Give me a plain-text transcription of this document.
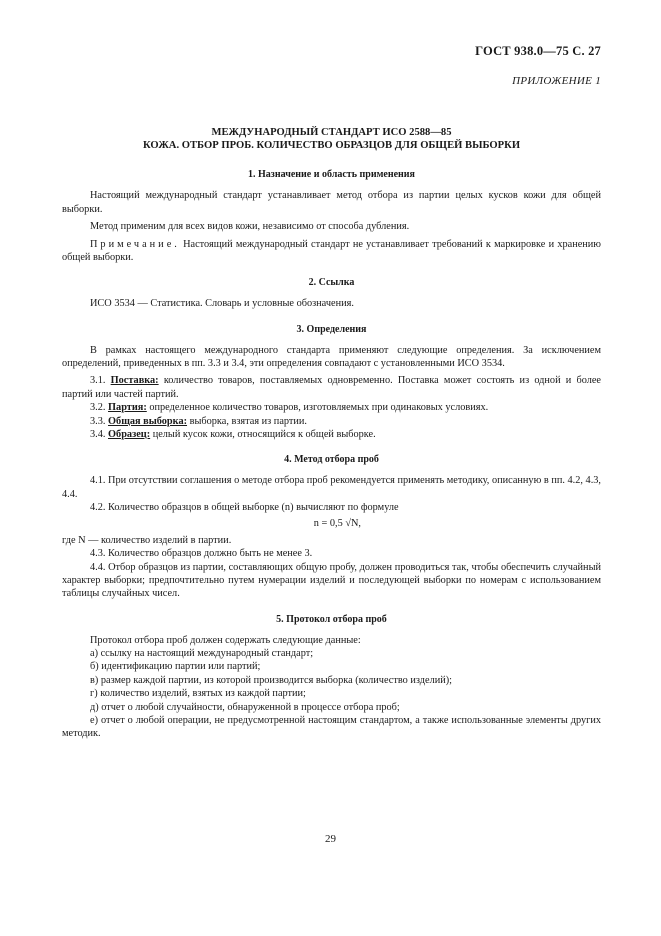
ГОСТ 938.0—75 С. 27
ПРИЛОЖЕНИЕ 1
МЕЖДУНАРОДНЫЙ СТАНДАРТ ИСО 2588—85
КОЖА. ОТБОР ПРОБ. КОЛИЧЕСТВО ОБРАЗЦОВ ДЛЯ ОБЩЕЙ ВЫБОРКИ
1. Назначение и область применения

Настоящий международный стандарт устанавливает метод отбора из партии целых кусков кожи для общей выборки.

Метод применим для всех видов кожи, независимо от способа дубления.

Примечание. Настоящий международный стандарт не устанавливает требований к маркировке и хранению общей выборки.

2. Ссылка

ИСО 3534 — Статистика. Словарь и условные обозначения.

3. Определения

В рамках настоящего международного стандарта применяют следующие определения. За исключением определений, приведенных в пп. 3.3 и 3.4, эти определения совпадают с установленными ИСО 3534.

3.1. Поставка: количество товаров, поставляемых одновременно. Поставка может состоять из одной и более партий или частей партий.

3.2. Партия: определенное количество товаров, изготовляемых при одинаковых условиях.

3.3. Общая выборка: выборка, взятая из партии.

3.4. Образец: целый кусок кожи, относящийся к общей выборке.

4. Метод отбора проб

4.1. При отсутствии соглашения о методе отбора проб рекомендуется применять методику, описанную в пп. 4.2, 4.3, 4.4.

4.2. Количество образцов в общей выборке (n) вычисляют по формуле

n = 0,5 √N,

где N — количество изделий в партии.

4.3. Количество образцов должно быть не менее 3.

4.4. Отбор образцов из партии, составляющих общую пробу, должен проводиться так, чтобы обеспечить случайный характер выборки; предпочтительно путем нумерации изделий и последующей выборки по номерам с использованием таблицы случайных чисел.

5. Протокол отбора проб

Протокол отбора проб должен содержать следующие данные:

а) ссылку на настоящий международный стандарт;

б) идентификацию партии или партий;

в) размер каждой партии, из которой производится выборка (количество изделий);

г) количество изделий, взятых из каждой партии;

д) отчет о любой случайности, обнаруженной в процессе отбора проб;

е) отчет о любой операции, не предусмотренной настоящим стандартом, а также использованные элементы других методик.

29
